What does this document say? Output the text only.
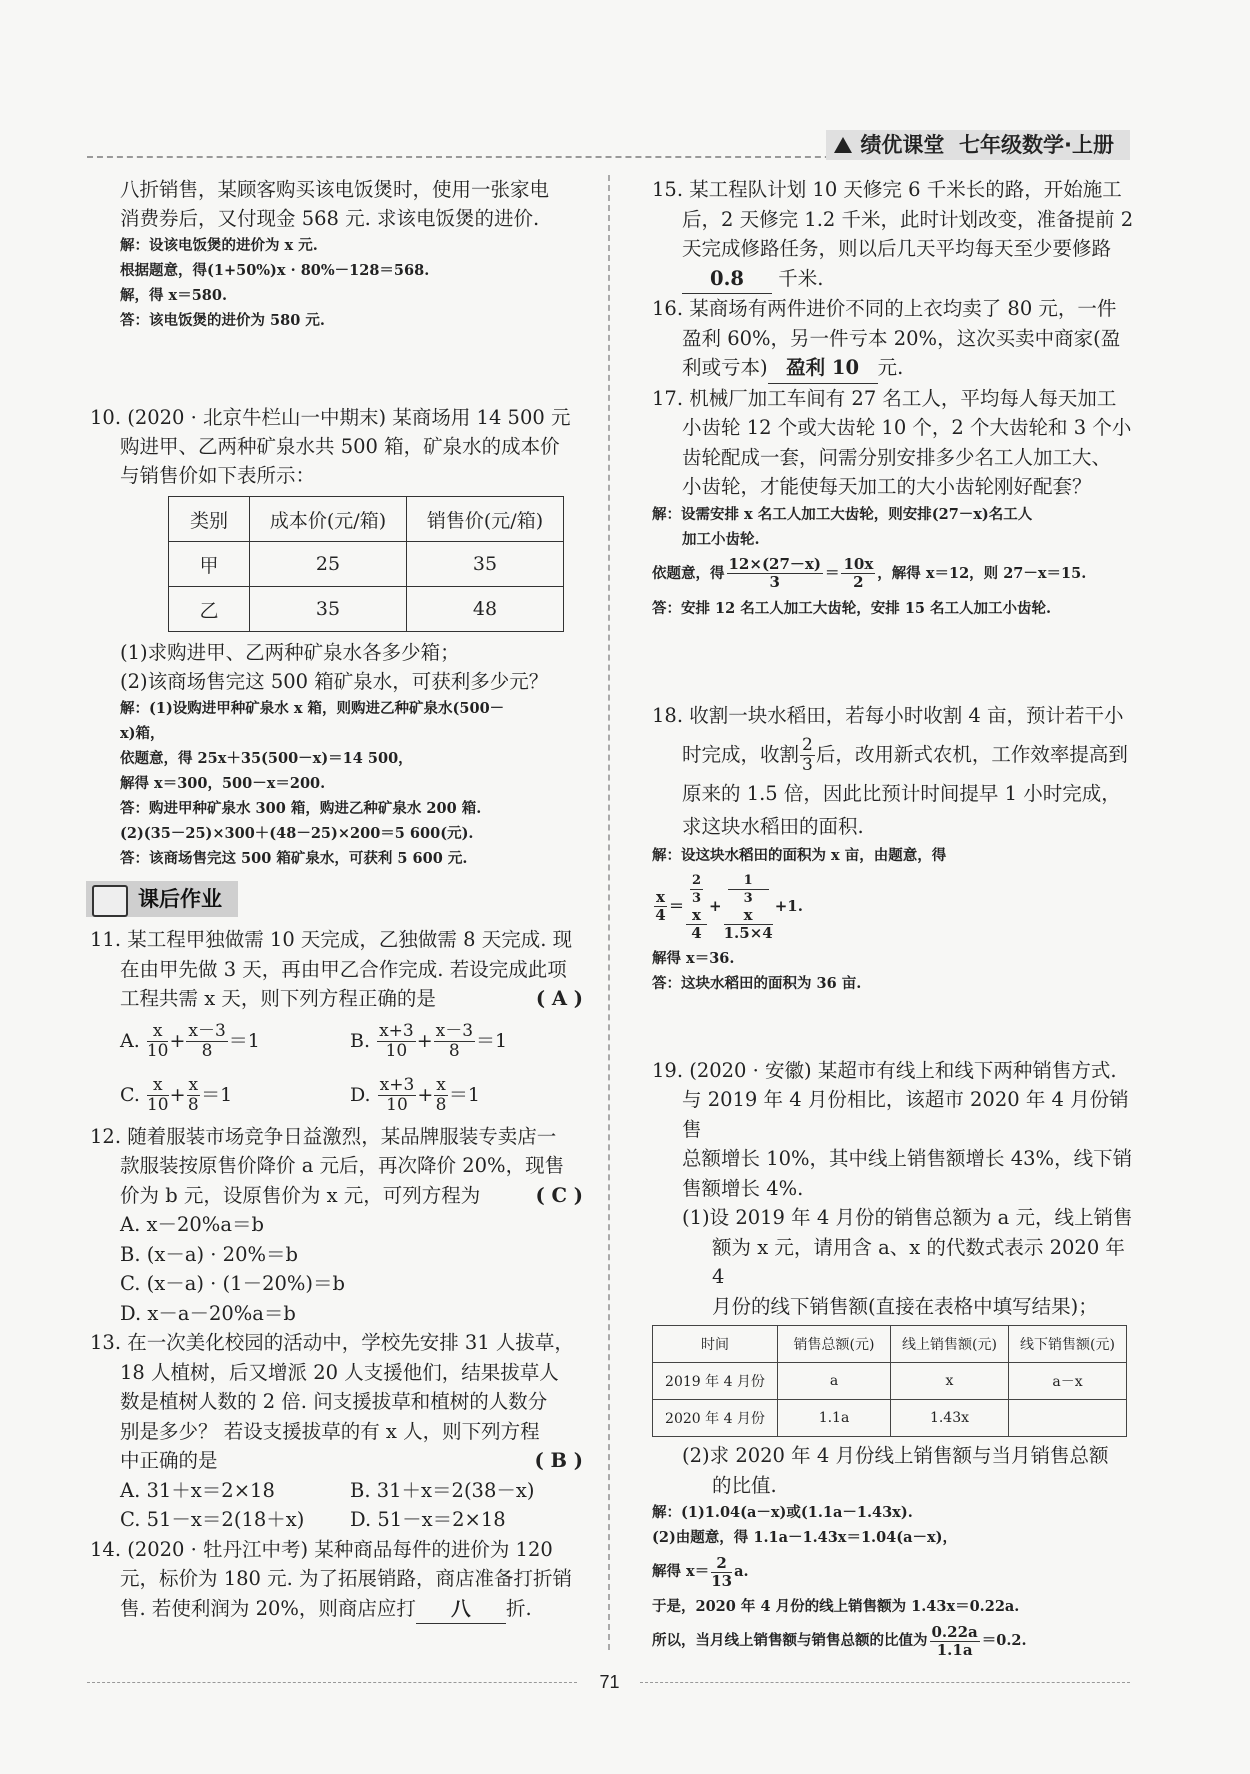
绩优课堂 七年级数学·上册

八折销售，某顾客购买该电饭煲时，使用一张家电

消费券后，又付现金 568 元. 求该电饭煲的进价.

解：设该电饭煲的进价为 x 元.

根据题意，得(1+50%)x · 80%－128＝568.

解，得 x＝580.

答：该电饭煲的进价为 580 元.

10. (2020 · 北京牛栏山一中期末) 某商场用 14 500 元

购进甲、乙两种矿泉水共 500 箱，矿泉水的成本价

与销售价如下表所示：

类别	成本价(元/箱)	销售价(元/箱)
甲	25	35
乙	35	48

(1)求购进甲、乙两种矿泉水各多少箱；

(2)该商场售完这 500 箱矿泉水，可获利多少元？

解：(1)设购进甲种矿泉水 x 箱，则购进乙种矿泉水(500－

x)箱，

依题意，得 25x＋35(500－x)＝14 500，

解得 x＝300，500－x＝200.

答：购进甲种矿泉水 300 箱，购进乙种矿泉水 200 箱.

(2)(35－25)×300＋(48－25)×200＝5 600(元).

答：该商场售完这 500 箱矿泉水，可获利 5 600 元.

课后作业

11. 某工程甲独做需 10 天完成，乙独做需 8 天完成. 现

在由甲先做 3 天，再由甲乙合作完成. 若设完成此项

工程共需 x 天，则下列方程正确的是	( A )

A. $\frac{x}{10} + \frac{x-3}{8} =1$	B. $\frac{x+3}{10} + \frac{x-3}{8} =1$
C. $\frac{x}{10} + \frac{x}{8} =1$	D. $\frac{x+3}{10} + \frac{x}{8} =1$

12. 随着服装市场竞争日益激烈，某品牌服装专卖店一

款服装按原售价降价 a 元后，再次降价 20%，现售

价为 b 元，设原售价为 x 元，可列方程为	( C )

A. x－20%a＝b

B. (x－a) · 20%＝b

C. (x－a) · (1－20%)＝b

D. x－a－20%a＝b

13. 在一次美化校园的活动中，学校先安排 31 人拔草，

18 人植树，后又增派 20 人支援他们，结果拔草人

数是植树人数的 2 倍. 问支援拔草和植树的人数分

别是多少？ 若设支援拔草的有 x 人，则下列方程

中正确的是	( B )

A. 31＋x＝2×18	B. 31＋x＝2(38－x)

C. 51－x＝2(18＋x)	D. 51－x＝2×18

14. (2020 · 牡丹江中考) 某种商品每件的进价为 120

元，标价为 180 元. 为了拓展销路，商店准备打折销

售. 若使利润为 20%，则商店应打 八 折.

15. 某工程队计划 10 天修完 6 千米长的路，开始施工

后，2 天修完 1.2 千米，此时计划改变，准备提前 2

天完成修路任务，则以后几天平均每天至少要修路

0.8 千米.

16. 某商场有两件进价不同的上衣均卖了 80 元，一件

盈利 60%，另一件亏本 20%，这次买卖中商家(盈

利或亏本) 盈利 10 元.

17. 机械厂加工车间有 27 名工人，平均每人每天加工

小齿轮 12 个或大齿轮 10 个，2 个大齿轮和 3 个小

齿轮配成一套，问需分别安排多少名工人加工大、

小齿轮，才能使每天加工的大小齿轮刚好配套？

解：设需安排 x 名工人加工大齿轮，则安排(27－x)名工人

加工小齿轮.

依题意，得 $\frac{12\times(27-x)}{3} = \frac{10x}{2}$ ，解得 x＝12，则 27－x＝15.

答：安排 12 名工人加工大齿轮，安排 15 名工人加工小齿轮.

18. 收割一块水稻田，若每小时收割 4 亩，预计若干小

时完成，收割 $\frac{2}{3}$ 后，改用新式农机，工作效率提高到

原来的 1.5 倍，因此比预计时间提早 1 小时完成，

求这块水稻田的面积.

解：设这块水稻田的面积为 x 亩，由题意，得

$\frac{x}{4} = 2$
3
x
4 + 1
3
x
1.5×4 +1.

解得 x＝36.

答：这块水稻田的面积为 36 亩.

19. (2020 · 安徽) 某超市有线上和线下两种销售方式.

与 2019 年 4 月份相比，该超市 2020 年 4 月份销售

总额增长 10%，其中线上销售额增长 43%，线下销

售额增长 4%.

(1)设 2019 年 4 月份的销售总额为 a 元，线上销售

额为 x 元，请用含 a、x 的代数式表示 2020 年 4

月份的线下销售额(直接在表格中填写结果)；

时间	销售总额(元)	线上销售额(元)	线下销售额(元)
2019 年 4 月份	a	x	a－x
2020 年 4 月份	1.1a	1.43x	

(2)求 2020 年 4 月份线上销售额与当月销售总额

的比值.

解：(1)1.04(a－x)或(1.1a－1.43x).

(2)由题意，得 1.1a－1.43x＝1.04(a－x)，

解得 $x= \frac{2}{13} a$.

于是，2020 年 4 月份的线上销售额为 1.43x＝0.22a.

所以，当月线上销售额与销售总额的比值为 $\frac{0.22a}{1.1a} =0.2$.

71
